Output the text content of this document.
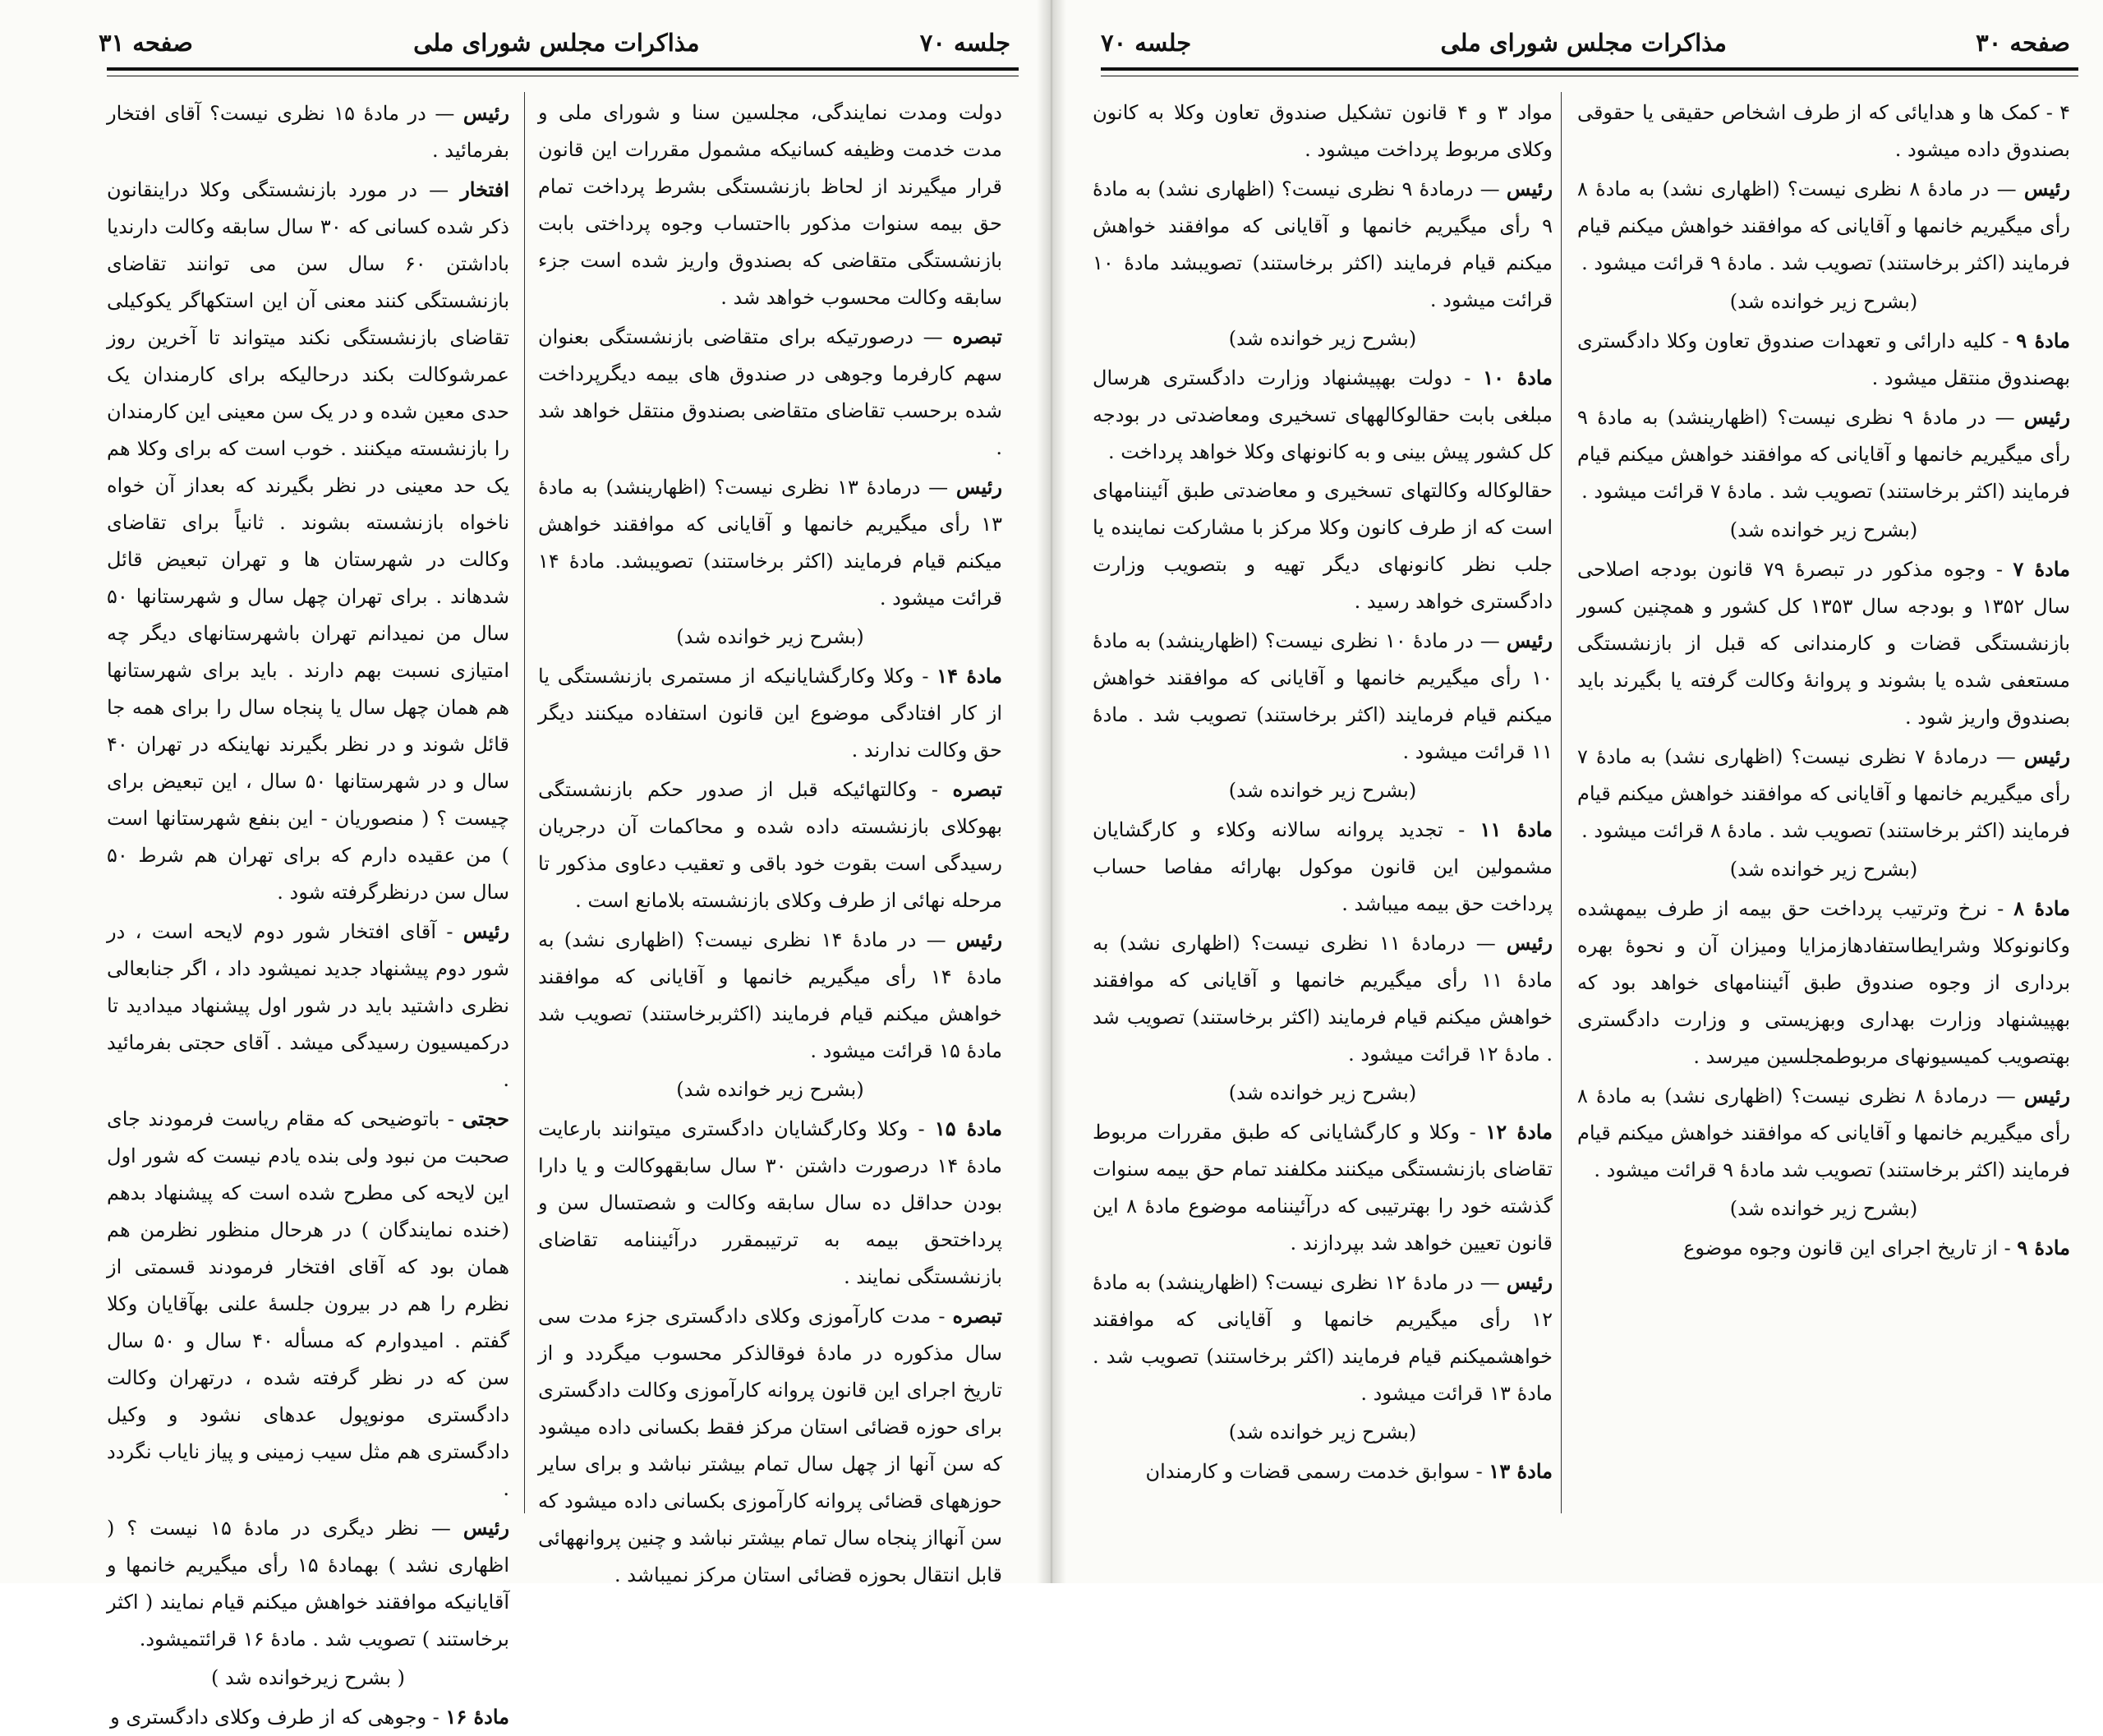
صفحه ۳۰
مذاکرات مجلس شورای ملی
جلسه ۷۰

۴ - کمک ها و هدایائی که از طرف اشخاص حقیقی یا حقوقی بصندوق داده میشود .

رئیس — در مادهٔ ۸ نظری نیست؟ (اظهاری نشد) به مادهٔ ۸ رأی میگیریم خانمها و آقایانی که موافقند خواهش میکنم قیام فرمایند (اکثر برخاستند) تصویب شد . مادهٔ ۹ قرائت میشود .

(بشرح زیر خوانده شد)

مادهٔ ۹ - کلیه دارائی و تعهدات صندوق تعاون وکلا دادگستری بهصندوق منتقل میشود .

رئیس — در مادهٔ ۹ نظری نیست؟ (اظهارینشد) به مادهٔ ۹ رأی میگیریم خانمها و آقایانی که موافقند خواهش میکنم قیام فرمایند (اکثر برخاستند) تصویب شد . مادهٔ ۷ قرائت میشود .

(بشرح زیر خوانده شد)

مادهٔ ۷ - وجوه مذکور در تبصرهٔ ۷۹ قانون بودجه اصلاحی سال ۱۳۵۲ و بودجه سال ۱۳۵۳ کل کشور و همچنین کسور بازنشستگی قضات و کارمندانی که قبل از بازنشستگی مستعفی شده یا بشوند و پروانهٔ وکالت گرفته یا بگیرند باید بصندوق واریز شود .

رئیس — درمادهٔ ۷ نظری نیست؟ (اظهاری نشد) به مادهٔ ۷ رأی میگیریم خانمها و آقایانی که موافقند خواهش میکنم قیام فرمایند (اکثر برخاستند) تصویب شد . مادهٔ ۸ قرائت میشود .

(بشرح زیر خوانده شد)

مادهٔ ۸ - نرخ وترتیب پرداخت حق بیمه از طرف بیمهشده وکانونوکلا وشرایطاستفادهازمزایا ومیزان آن و نحوهٔ بهره برداری از وجوه صندوق طبق آئیننامهای خواهد بود که بهپیشنهاد وزارت بهداری وبهزیستی و وزارت دادگستری بهتصویب کمیسیونهای مربوطمجلسین میرسد .

رئیس — درمادهٔ ۸ نظری نیست؟ (اظهاری نشد) به مادهٔ ۸ رأی میگیریم خانمها و آقایانی که موافقند خواهش میکنم قیام فرمایند (اکثر برخاستند) تصویب شد مادهٔ ۹ قرائت میشود .

(بشرح زیر خوانده شد)

مادهٔ ۹ - از تاریخ اجرای این قانون وجوه موضوع

مواد ۳ و ۴ قانون تشکیل صندوق تعاون وکلا به کانون وکلای مربوط پرداخت میشود .

رئیس — درمادهٔ ۹ نظری نیست؟ (اظهاری نشد) به مادهٔ ۹ رأی میگیریم خانمها و آقایانی که موافقند خواهش میکنم قیام فرمایند (اکثر برخاستند) تصویبشد مادهٔ ۱۰ قرائت میشود .

(بشرح زیر خوانده شد)

مادهٔ ۱۰ - دولت بهپیشنهاد وزارت دادگستری هرسال مبلغی بابت حقالوکالههای تسخیری ومعاضدتی در بودجه کل کشور پیش بینی و به کانونهای وکلا خواهد پرداخت .

حقالوکاله وکالتهای تسخیری و معاضدتی طبق آئیننامهای است که از طرف کانون وکلا مرکز با مشارکت نماینده یا جلب نظر کانونهای دیگر تهیه و بتصویب وزارت دادگستری خواهد رسید .

رئیس — در مادهٔ ۱۰ نظری نیست؟ (اظهارینشد) به مادهٔ ۱۰ رأی میگیریم خانمها و آقایانی که موافقند خواهش میکنم قیام فرمایند (اکثر برخاستند) تصویب شد . مادهٔ ۱۱ قرائت میشود .

(بشرح زیر خوانده شد)

مادهٔ ۱۱ - تجدید پروانه سالانه وکلاء و کارگشایان مشمولین این قانون موکول بهارائه مفاصا حساب پرداخت حق بیمه میباشد .

رئیس — درمادهٔ ۱۱ نظری نیست؟ (اظهاری نشد) به مادهٔ ۱۱ رأی میگیریم خانمها و آقایانی که موافقند خواهش میکنم قیام فرمایند (اکثر برخاستند) تصویب شد . مادهٔ ۱۲ قرائت میشود .

(بشرح زیر خوانده شد)

مادهٔ ۱۲ - وکلا و کارگشایانی که طبق مقررات مربوط تقاضای بازنشستگی میکنند مکلفند تمام حق بیمه سنوات گذشته خود را بهترتیبی که درآئیننامه موضوع مادهٔ ۸ این قانون تعیین خواهد شد بپردازند .

رئیس — در مادهٔ ۱۲ نظری نیست؟ (اظهارینشد) به مادهٔ ۱۲ رأی میگیریم خانمها و آقایانی که موافقند خواهشمیکنم قیام فرمایند (اکثر برخاستند) تصویب شد . مادهٔ ۱۳ قرائت میشود .

(بشرح زیر خوانده شد)

مادهٔ ۱۳ - سوابق خدمت رسمی قضات و کارمندان

جلسه ۷۰
مذاکرات مجلس شورای ملی
صفحه ۳۱

دولت ومدت نمایندگی، مجلسین سنا و شورای ملی و مدت خدمت وظیفه کسانیکه مشمول مقررات این قانون قرار میگیرند از لحاظ بازنشستگی بشرط پرداخت تمام حق بیمه سنوات مذکور بااحتساب وجوه پرداختی بابت بازنشستگی متقاضی که بصندوق واریز شده است جزء سابقه وکالت محسوب خواهد شد .

تبصره — درصورتیکه برای متقاضی بازنشستگی بعنوان سهم کارفرما وجوهی در صندوق های بیمه دیگرپرداخت شده برحسب تقاضای متقاضی بصندوق منتقل خواهد شد .

رئیس — درمادهٔ ۱۳ نظری نیست؟ (اظهارینشد) به مادهٔ ۱۳ رأی میگیریم خانمها و آقایانی که موافقند خواهش میکنم قیام فرمایند (اکثر برخاستند) تصویبشد. مادهٔ ۱۴ قرائت میشود .

(بشرح زیر خوانده شد)

مادهٔ ۱۴ - وکلا وکارگشایانیکه از مستمری بازنشستگی یا از کار افتادگی موضوع این قانون استفاده میکنند دیگر حق وکالت ندارند .

تبصره - وکالتهائیکه قبل از صدور حکم بازنشستگی بهوکلای بازنشسته داده شده و محاکمات آن درجریان رسیدگی است بقوت خود باقی و تعقیب دعاوی مذکور تا مرحله نهائی از طرف وکلای بازنشسته بلامانع است .

رئیس — در مادهٔ ۱۴ نظری نیست؟ (اظهاری نشد) به مادهٔ ۱۴ رأی میگیریم خانمها و آقایانی که موافقند خواهش میکنم قیام فرمایند (اکثربرخاستند) تصویب شد مادهٔ ۱۵ قرائت میشود .

(بشرح زیر خوانده شد)

مادهٔ ۱۵ - وکلا وکارگشایان دادگستری میتوانند بارعایت مادهٔ ۱۴ درصورت داشتن ۳۰ سال سابقهوکالت و یا دارا بودن حداقل ده سال سابقه وکالت و شصتسال سن و پرداختحق بیمه به ترتیبمقرر درآئیننامه تقاضای بازنشستگی نمایند .

تبصره - مدت کارآموزی وکلای دادگستری جزء مدت سی سال مذکوره در مادهٔ فوقالذکر محسوب میگردد و از تاریخ اجرای این قانون پروانه کارآموزی وکالت دادگستری برای حوزه قضائی استان مرکز فقط بکسانی داده میشود که سن آنها از چهل سال تمام بیشتر نباشد و برای سایر حوزههای قضائی پروانه کارآموزی بکسانی داده میشود که سن آنهااز پنجاه سال تمام بیشتر نباشد و چنین پروانههائی قابل انتقال بحوزه قضائی استان مرکز نمیباشد .

رئیس — در مادهٔ ۱۵ نظری نیست؟ آقای افتخار بفرمائید .

افتخار — در مورد بازنشستگی وکلا دراینقانون ذکر شده کسانی که ۳۰ سال سابقه وکالت دارندیا باداشتن ۶۰ سال سن می توانند تقاضای بازنشستگی کنند معنی آن این استکهاگر یکوکیلی تقاضای بازنشستگی نکند میتواند تا آخرین روز عمرشوکالت بکند درحالیکه برای کارمندان یک حدی معین شده و در یک سن معینی این کارمندان را بازنشسته میکنند . خوب است که برای وکلا هم یک حد معینی در نظر بگیرند که بعداز آن خواه ناخواه بازنشسته بشوند . ثانیاً برای تقاضای وکالت در شهرستان ها و تهران تبعیض قائل شدهاند . برای تهران چهل سال و شهرستانها ۵۰ سال من نمیدانم تهران باشهرستانهای دیگر چه امتیازی نسبت بهم دارند . باید برای شهرستانها هم همان چهل سال یا پنجاه سال را برای همه جا قائل شوند و در نظر بگیرند نهاینکه در تهران ۴۰ سال و در شهرستانها ۵۰ سال ، این تبعیض برای چیست ؟ ( منصوریان - این بنفع شهرستانها است ) من عقیده دارم که برای تهران هم شرط ۵۰ سال سن درنظرگرفته شود .

رئیس - آقای افتخار شور دوم لایحه است ، در شور دوم پیشنهاد جدید نمیشود داد ، اگر جنابعالی نظری داشتید باید در شور اول پیشنهاد میدادید تا درکمیسیون رسیدگی میشد . آقای حجتی بفرمائید .

حجتی - باتوضیحی که مقام ریاست فرمودند جای صحبت من نبود ولی بنده یادم نیست که شور اول این لایحه کی مطرح شده است که پیشنهاد بدهم (خنده نمایندگان ) در هرحال منظور نظرمن هم همان بود که آقای افتخار فرمودند قسمتی از نظرم را هم در بیرون جلسهٔ علنی بهآقایان وکلا گفتم . امیدوارم که مسأله ۴۰ سال و ۵۰ سال سن که در نظر گرفته شده ، درتهران وکالت دادگستری مونوپول عدهای نشود و وکیل دادگستری هم مثل سیب زمینی و پیاز نایاب نگردد .

رئیس — نظر دیگری در مادهٔ ۱۵ نیست ؟ ( اظهاری نشد ) بهمادهٔ ۱۵ رأی میگیریم خانمها و آقایانیکه موافقند خواهش میکنم قیام نمایند ( اکثر برخاستند ) تصویب شد . مادهٔ ۱۶ قرائتمیشود.

( بشرح زیرخوانده شد )

مادهٔ ۱۶ - وجوهی که از طرف وکلای دادگستری و
